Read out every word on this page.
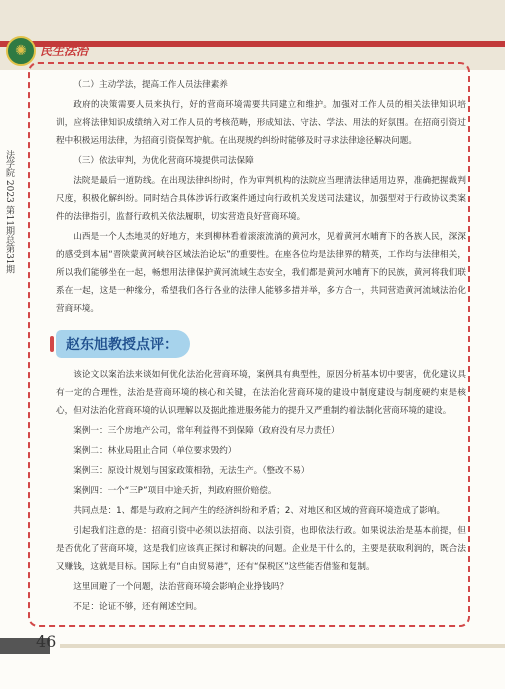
✺	民生法治
法学院 2023 第11期总第31期

（二）主动学法，提高工作人员法律素养

政府的决策需要人员来执行，好的营商环境需要共同建立和维护。加强对工作人员的相关法律知识培训，应将法律知识成绩纳入对工作人员的考核范畴，形成知法、守法、学法、用法的好氛围。在招商引资过程中积极运用法律，为招商引资保驾护航。在出现规约纠纷时能够及时寻求法律途径解决问题。

（三）依法审判，为优化营商环境提供司法保障

法院是最后一道防线。在出现法律纠纷时，作为审判机构的法院应当理清法律适用边界，准确把握裁判尺度，积极化解纠纷。同时结合具体涉诉行政案件通过向行政机关发送司法建议，加强型对于行政协议类案件的法律指引，监督行政机关依法履职，切实营造良好营商环境。

山西是一个人杰地灵的好地方，来到柳林看着滚滚流淌的黄河水，见着黄河水哺育下的各族人民，深深的感受到本届“晋陕蒙黄河峡谷区域法治论坛”的重要性。在座各位均是法律界的精英，工作均与法律相关，所以我们能够坐在一起，畅想用法律保护黄河流域生态安全，我们都是黄河水哺育下的民族，黄河将我们联系在一起，这是一种缘分，希望我们各行各业的法律人能够多措并举，多方合一，共同营造黄河流域法治化营商环境。

赵东旭教授点评：

该论文以案治法来谈如何优化法治化营商环境，案例具有典型性，原因分析基本切中要害，优化建议具有一定的合理性，法治是营商环境的核心和关键，在法治化营商环境的建设中制度建设与制度硬约束是核心，但对法治化营商环境的认识理解以及据此推进服务能力的提升又严重制约着法制化营商环境的建设。

案例一：三个房地产公司，常年利益得不到保障（政府没有尽力责任）

案例二：林业局阻止合同（单位要求毁约）

案例三：原设计规划与国家政策相勃，无法生产。（整改不易）

案例四：一个“三P”项目中途夭折，判政府照价赔偿。

共同点是：1、都是与政府之间产生的经济纠纷和矛盾；2、对地区和区域的营商环境造成了影响。

引起我们注意的是：招商引资中必须以法招商、以法引资，也即依法行政。如果说法治是基本前提，但是否优化了营商环境，这是我们应该真正探讨和解决的问题。企业是干什么的，主要是获取利润的，既合法又赚钱，这就是目标。国际上有“自由贸易港”，还有“保税区”这些能否借鉴和复制。

这里回避了一个问题，法治营商环境会影响企业挣钱吗？

不足：论证不够，还有阐述空间。

46
